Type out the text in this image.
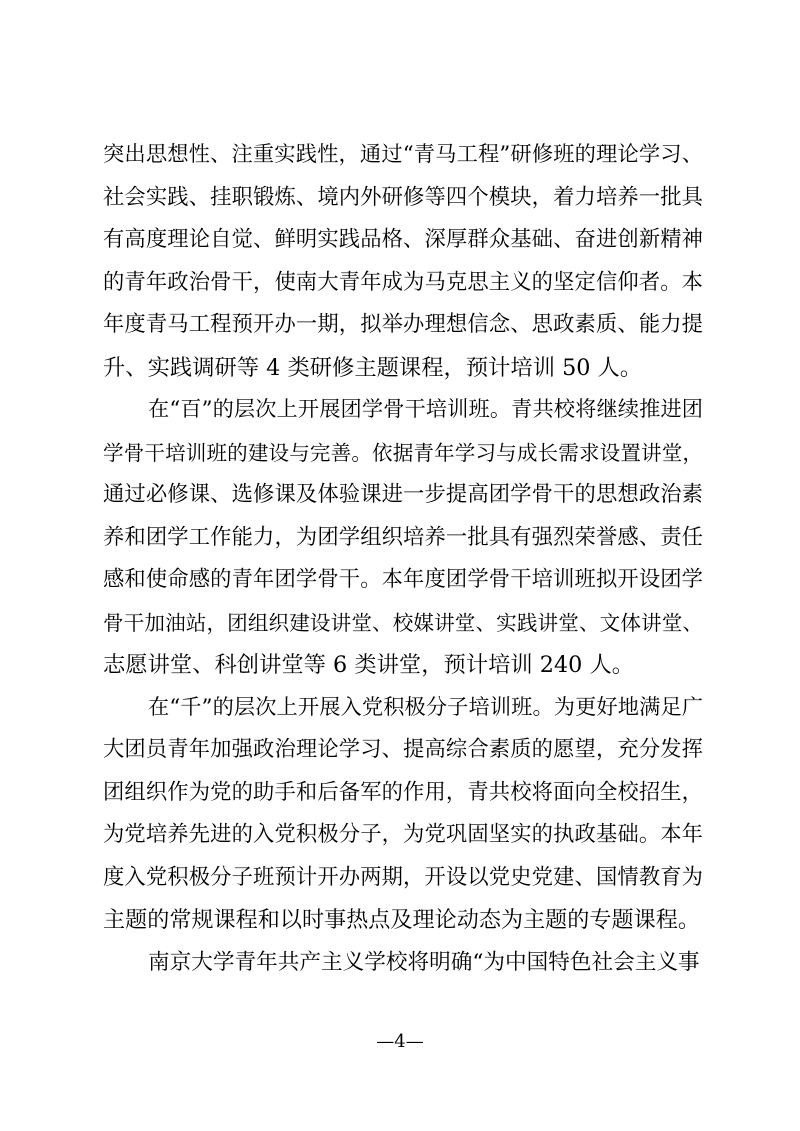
突出思想性、注重实践性，通过“青马工程”研修班的理论学习、
社会实践、挂职锻炼、境内外研修等四个模块，着力培养一批具
有高度理论自觉、鲜明实践品格、深厚群众基础、奋进创新精神
的青年政治骨干，使南大青年成为马克思主义的坚定信仰者。本
年度青马工程预开办一期，拟举办理想信念、思政素质、能力提
升、实践调研等 4 类研修主题课程，预计培训 50 人。

在“百”的层次上开展团学骨干培训班。青共校将继续推进团
学骨干培训班的建设与完善。依据青年学习与成长需求设置讲堂，
通过必修课、选修课及体验课进一步提高团学骨干的思想政治素
养和团学工作能力，为团学组织培养一批具有强烈荣誉感、责任
感和使命感的青年团学骨干。本年度团学骨干培训班拟开设团学
骨干加油站，团组织建设讲堂、校媒讲堂、实践讲堂、文体讲堂、
志愿讲堂、科创讲堂等 6 类讲堂，预计培训 240 人。

在“千”的层次上开展入党积极分子培训班。为更好地满足广
大团员青年加强政治理论学习、提高综合素质的愿望，充分发挥
团组织作为党的助手和后备军的作用，青共校将面向全校招生，
为党培养先进的入党积极分子，为党巩固坚实的执政基础。本年
度入党积极分子班预计开办两期，开设以党史党建、国情教育为
主题的常规课程和以时事热点及理论动态为主题的专题课程。

南京大学青年共产主义学校将明确“为中国特色社会主义事

—4—
